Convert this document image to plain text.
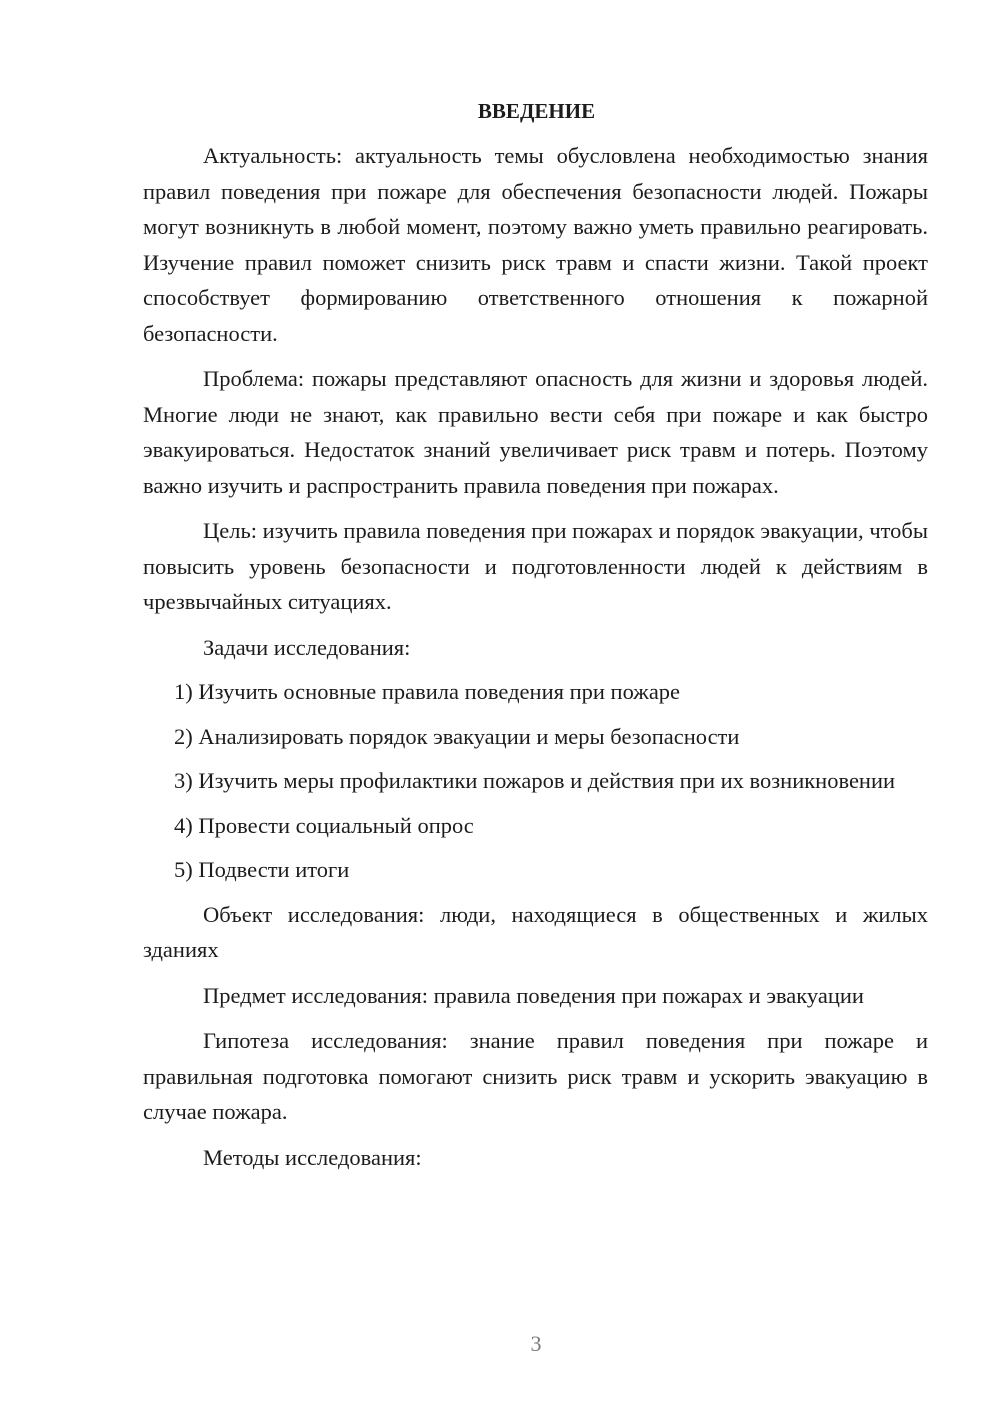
ВВЕДЕНИЕ

Актуальность: актуальность темы обусловлена необходимостью знания правил поведения при пожаре для обеспечения безопасности людей. Пожары могут возникнуть в любой момент, поэтому важно уметь правильно реагировать. Изучение правил поможет снизить риск травм и спасти жизни. Такой проект способствует формированию ответственного отношения к пожарной безопасности.

Проблема: пожары представляют опасность для жизни и здоровья людей. Многие люди не знают, как правильно вести себя при пожаре и как быстро эвакуироваться. Недостаток знаний увеличивает риск травм и потерь. Поэтому важно изучить и распространить правила поведения при пожарах.

Цель: изучить правила поведения при пожарах и порядок эвакуации, чтобы повысить уровень безопасности и подготовленности людей к действиям в чрезвычайных ситуациях.

Задачи исследования:

1) Изучить основные правила поведения при пожаре

2) Анализировать порядок эвакуации и меры безопасности

3) Изучить меры профилактики пожаров и действия при их возникновении

4) Провести социальный опрос

5) Подвести итоги

Объект исследования: люди, находящиеся в общественных и жилых зданиях

Предмет исследования: правила поведения при пожарах и эвакуации

Гипотеза исследования: знание правил поведения при пожаре и правильная подготовка помогают снизить риск травм и ускорить эвакуацию в случае пожара.

Методы исследования:

3
